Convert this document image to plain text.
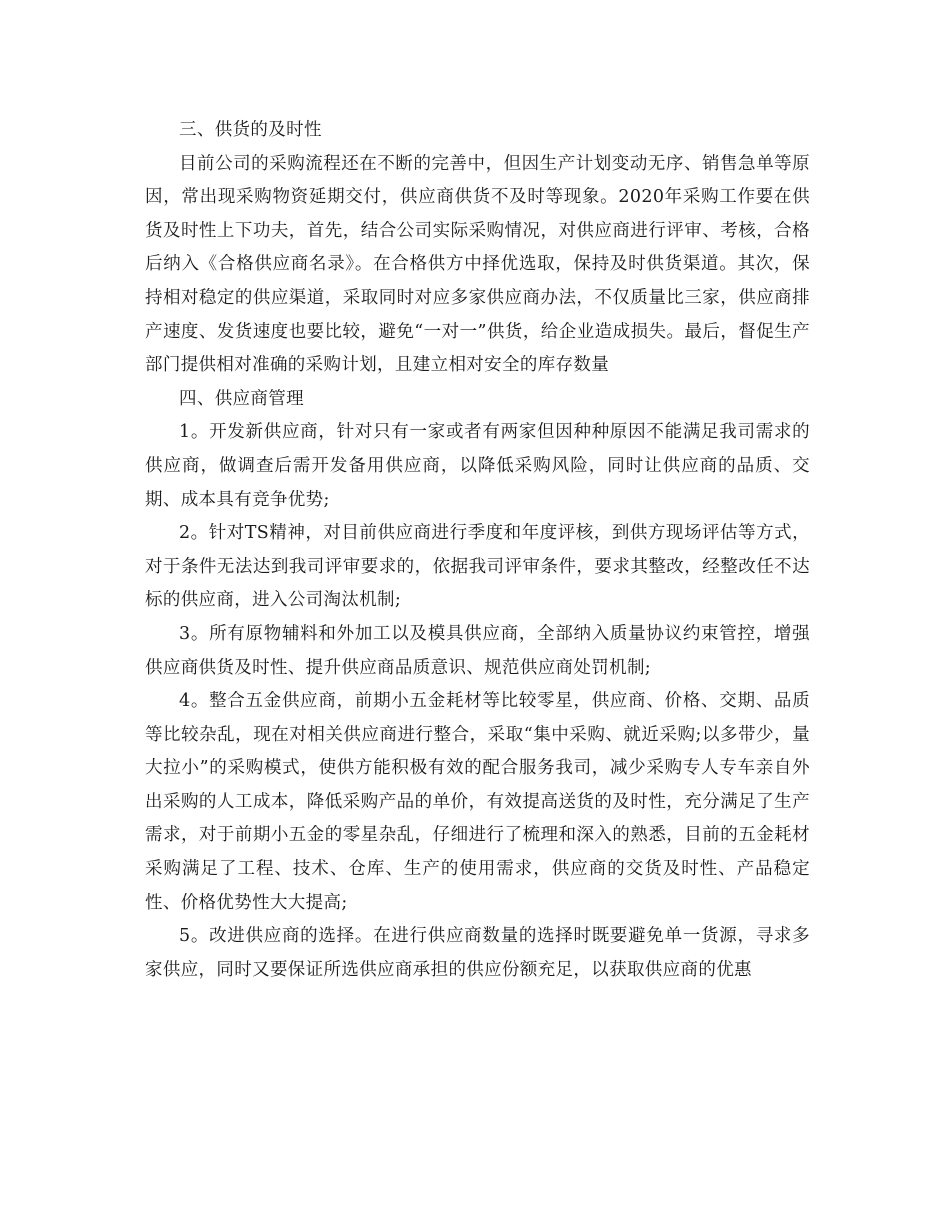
三、供货的及时性

目前公司的采购流程还在不断的完善中，但因生产计划变动无序、销售急单等原因，常出现采购物资延期交付，供应商供货不及时等现象。2020年采购工作要在供货及时性上下功夫，首先，结合公司实际采购情况，对供应商进行评审、考核，合格后纳入《合格供应商名录》。在合格供方中择优选取，保持及时供货渠道。其次，保持相对稳定的供应渠道，采取同时对应多家供应商办法，不仅质量比三家，供应商排产速度、发货速度也要比较，避免“一对一”供货，给企业造成损失。最后，督促生产部门提供相对准确的采购计划，且建立相对安全的库存数量

四、供应商管理

1。开发新供应商，针对只有一家或者有两家但因种种原因不能满足我司需求的供应商，做调查后需开发备用供应商，以降低采购风险，同时让供应商的品质、交期、成本具有竞争优势;

2。针对TS精神，对目前供应商进行季度和年度评核，到供方现场评估等方式，对于条件无法达到我司评审要求的，依据我司评审条件，要求其整改，经整改任不达标的供应商，进入公司淘汰机制;

3。所有原物辅料和外加工以及模具供应商，全部纳入质量协议约束管控，增强供应商供货及时性、提升供应商品质意识、规范供应商处罚机制;

4。整合五金供应商，前期小五金耗材等比较零星，供应商、价格、交期、品质等比较杂乱，现在对相关供应商进行整合，采取“集中采购、就近采购;以多带少，量大拉小”的采购模式，使供方能积极有效的配合服务我司，减少采购专人专车亲自外出采购的人工成本，降低采购产品的单价，有效提高送货的及时性，充分满足了生产需求，对于前期小五金的零星杂乱，仔细进行了梳理和深入的熟悉，目前的五金耗材采购满足了工程、技术、仓库、生产的使用需求，供应商的交货及时性、产品稳定性、价格优势性大大提高;

5。改进供应商的选择。在进行供应商数量的选择时既要避免单一货源，寻求多家供应，同时又要保证所选供应商承担的供应份额充足，以获取供应商的优惠
